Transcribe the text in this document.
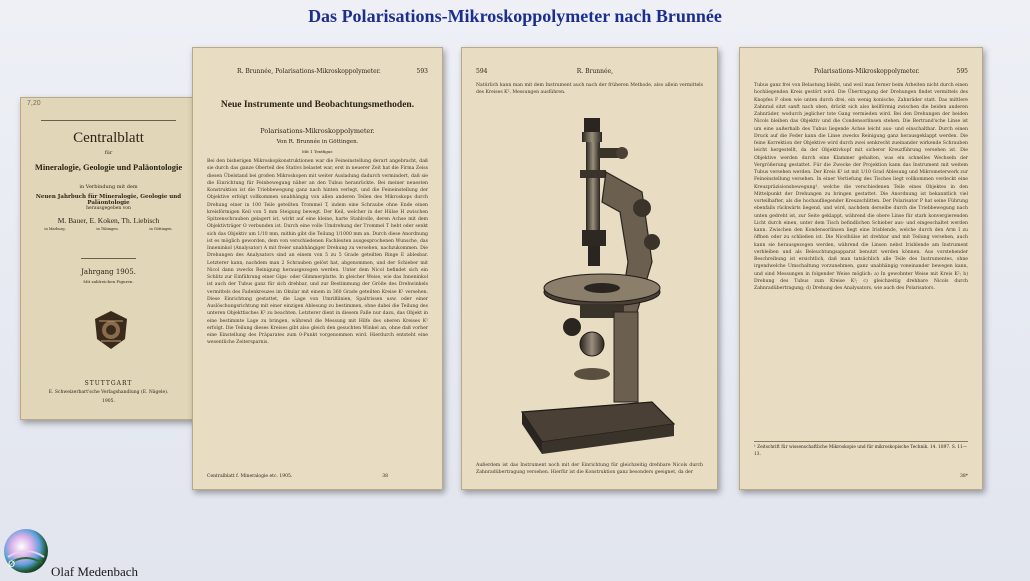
Das Polarisations-Mikroskoppolymeter nach Brunnée
7,20
Centralblatt
für
Mineralogie, Geologie und Paläontologie
in Verbindung mit dem
Neuen Jahrbuch für Mineralogie, Geologie und Paläontologie
herausgegeben von
M. Bauer, E. Koken, Th. Liebisch
in Marburg.	in Tübingen.	in Göttingen.
Jahrgang 1905.
Mit zahlreichen Figuren.
STUTTGART
E. Schweizerbart'sche Verlagshandlung (E. Nägele).
1905.
R. Brunnée, Polarisations-Mikroskoppolymeter.	593
Neue Instrumente und Beobachtungsmethoden.
Polarisations-Mikroskoppolymeter.
Von R. Brunnée in Göttingen.
Mit 1 Textfigur.
Bei den bisherigen Mikroskopkonstruktionen war die Feineinstellung derart angebracht, daß sie durch das ganze Oberteil des Stativs belastet war, erst in neuerer Zeit hat die Firma Zeiss diesen Übelstand bei großen Mikroskopen mit weiter Ausladung dadurch vermindert, daß sie die Einrichtung für Feinbewegung näher an den Tubus heranrückte. Bei meiner neuesten Konstruktion ist die Triebbewegung ganz nach hinten verlegt, und die Feineinstellung der Objektive erfolgt vollkommen unabhängig von allen anderen Teilen des Mikroskops durch Drehung einer in 100 Teile geteilten Trommel T, indem eine Schraube ohne Ende einen kreisförmigen Keil von 5 mm Steigung bewegt. Der Keil, welcher in der Hülse H zwischen Spitzenschrauben gelagert ist, wirkt auf eine kleine, harte Stahlrolle, deren Achse mit dem Objektivträger O verbunden ist. Durch eine volle Umdrehung der Trommel T hebt oder senkt sich das Objektiv um 1/10 mm, mithin gibt die Teilung 1/1000 mm an. Durch diese Anordnung ist es möglich geworden, dem von verschiedenen Fachleuten ausgesprochenen Wunsche, das Inneninkol (Analysator) A mit freier unabhängiger Drehung zu versehen, nachzukommen. Die Drehungen des Analysators sind an einem von 5 zu 5 Grade geteilten Ringe E ablesbar. Letzterer kann, nachdem man 2 Schrauben gelöst hat, abgenommen, und der Schieber mit Nicol dann zwecks Reinigung herausgezogen werden. Unter dem Nicol befindet sich ein Schlitz zur Einführung einer Gips- oder Glimmerplatte. In gleicher Weise, wie das Inneninkol ist auch der Tubus ganz für sich drehbar, und zur Bestimmung der Größe des Drehwinkels vermittels des Fadenkreuzes im Okular mit einem in 360 Grade geteilten Kreise K¹ versehen. Diese Einrichtung gestattet, die Lage von Umrißlinien, Spaltrissen usw. oder einer Auslöschungsrichtung mit einer einzigen Ablesung zu bestimmen, ohne dabei die Teilung des unteren Objekttisches K² zu beachten. Letzterer dient in diesem Falle nur dazu, das Objekt in eine bestimmte Lage zu bringen, während die Messung mit Hilfe des oberen Kreises K¹ erfolgt. Die Teilung dieses Kreises gibt also gleich den gesuchten Winkel an, ohne daß vorher eine Einstellung des Präparates zum 0-Punkt vorgenommen wird. Hierdurch entsteht eine wesentliche Zeitersparnis.
Centralblatt f. Mineralogie etc. 1905.	38
594	R. Brunnée,
Natürlich kann man mit dem Instrument auch nach der früheren Methode, also allein vermittels des Kreises K², Messungen ausführen.
Außerdem ist das Instrument noch mit der Einrichtung für gleichzeitig drehbare Nicols durch Zahnradübertragung versehen. Hierfür ist die Konstruktion ganz besonders geeignet, da der
Polarisations-Mikroskoppolymeter.	595
Tubus ganz frei von Belastung bleibt, und weil man ferner beim Arbeiten nicht durch einen hochliegenden Kreis gestört wird. Die Übertragung der Drehungen findet vermittels des Knopfes F oben wie unten durch drei, ein wenig konische, Zahnräder statt. Das mittlere Zahnrad sitzt sanft nach oben, drückt sich also keilförmig zwischen die beiden anderen Zahnräder, wodurch jeglicher tote Gang vermieden wird. Bei den Drehungen der beiden Nicols bleiben das Objektiv und die Condensorlinsen stehen. Die Bertrand'sche Linse ist um eine außerhalb des Tubus liegende Achse leicht aus- und einschaltbar. Durch einen Druck auf die Feder kann die Linse zwecks Reinigung ganz herausgeklappt werden. Die feine Korrektion der Objektive wird durch zwei senkrecht zueinander wirkende Schrauben leicht hergestellt, da der Objektivkopf mit sicherer Kreuzführung versehen ist. Die Objektive werden durch eine Klammer gehalten, was ein schnelles Wechseln der Vergrößerung gestattet. Für die Zwecke der Projektion kann das Instrument mit weitem Tubus versehen werden. Der Kreis K¹ ist mit 1/10 Grad Ablesung und Mikrometerwerk zur Feineinstellung versehen. In einer Vertiefung des Tisches liegt vollkommen verdeckt eine Kreuzpräzisionsbewegung¹, welche die verschiedenen Teile eines Objektes in den Mittelpunkt der Drehungen zu bringen gestattet. Die Anordnung ist bekanntlich viel vorteilhafter, als die hochaufliegender Kreuzschlitten. Der Polarisator P hat seine Führung ebenfalls rückwärts liegend, und wird, nachdem derselbe durch die Triebbewegung nach unten gedreht ist, zur Seite geklappt, während die obere Linse für stark konvergierenden Licht durch einen, unter dem Tisch befindlichen Schieber aus- und eingeschaltet werden kann. Zwischen den Kondensorlinsen liegt eine Irisblende, welche durch den Arm I zu öffnen oder zu schließen ist. Die Nicolhülse ist drehbar und mit Teilung versehen, auch kann sie herausgezogen werden, während die Linsen nebst Irisblende am Instrument verbleiben und als Beleuchtungsapparat benutzt werden können. Aus vorstehender Beschreibung ist ersichtlich, daß man tatsächlich alle Teile des Instrumentes, ohne irgendwelche Umschaltung vorzunehmen, ganz unabhängig voneinander bewegen kann, und sind Messungen in folgender Weise möglich: a) In gewohnter Weise mit Kreis K²; b) Drehung des Tubus zum Kreise K¹; c) gleichzeitig drehbare Nicols durch Zahnradübertragung; d) Drehung des Analysators, wie auch des Polarisators.
¹ Zeitschrift für wissenschaftliche Mikroskopie und für mikroskopische Technik. 14. 1897. S. 11—13.
38*
Ø	Olaf Medenbach
